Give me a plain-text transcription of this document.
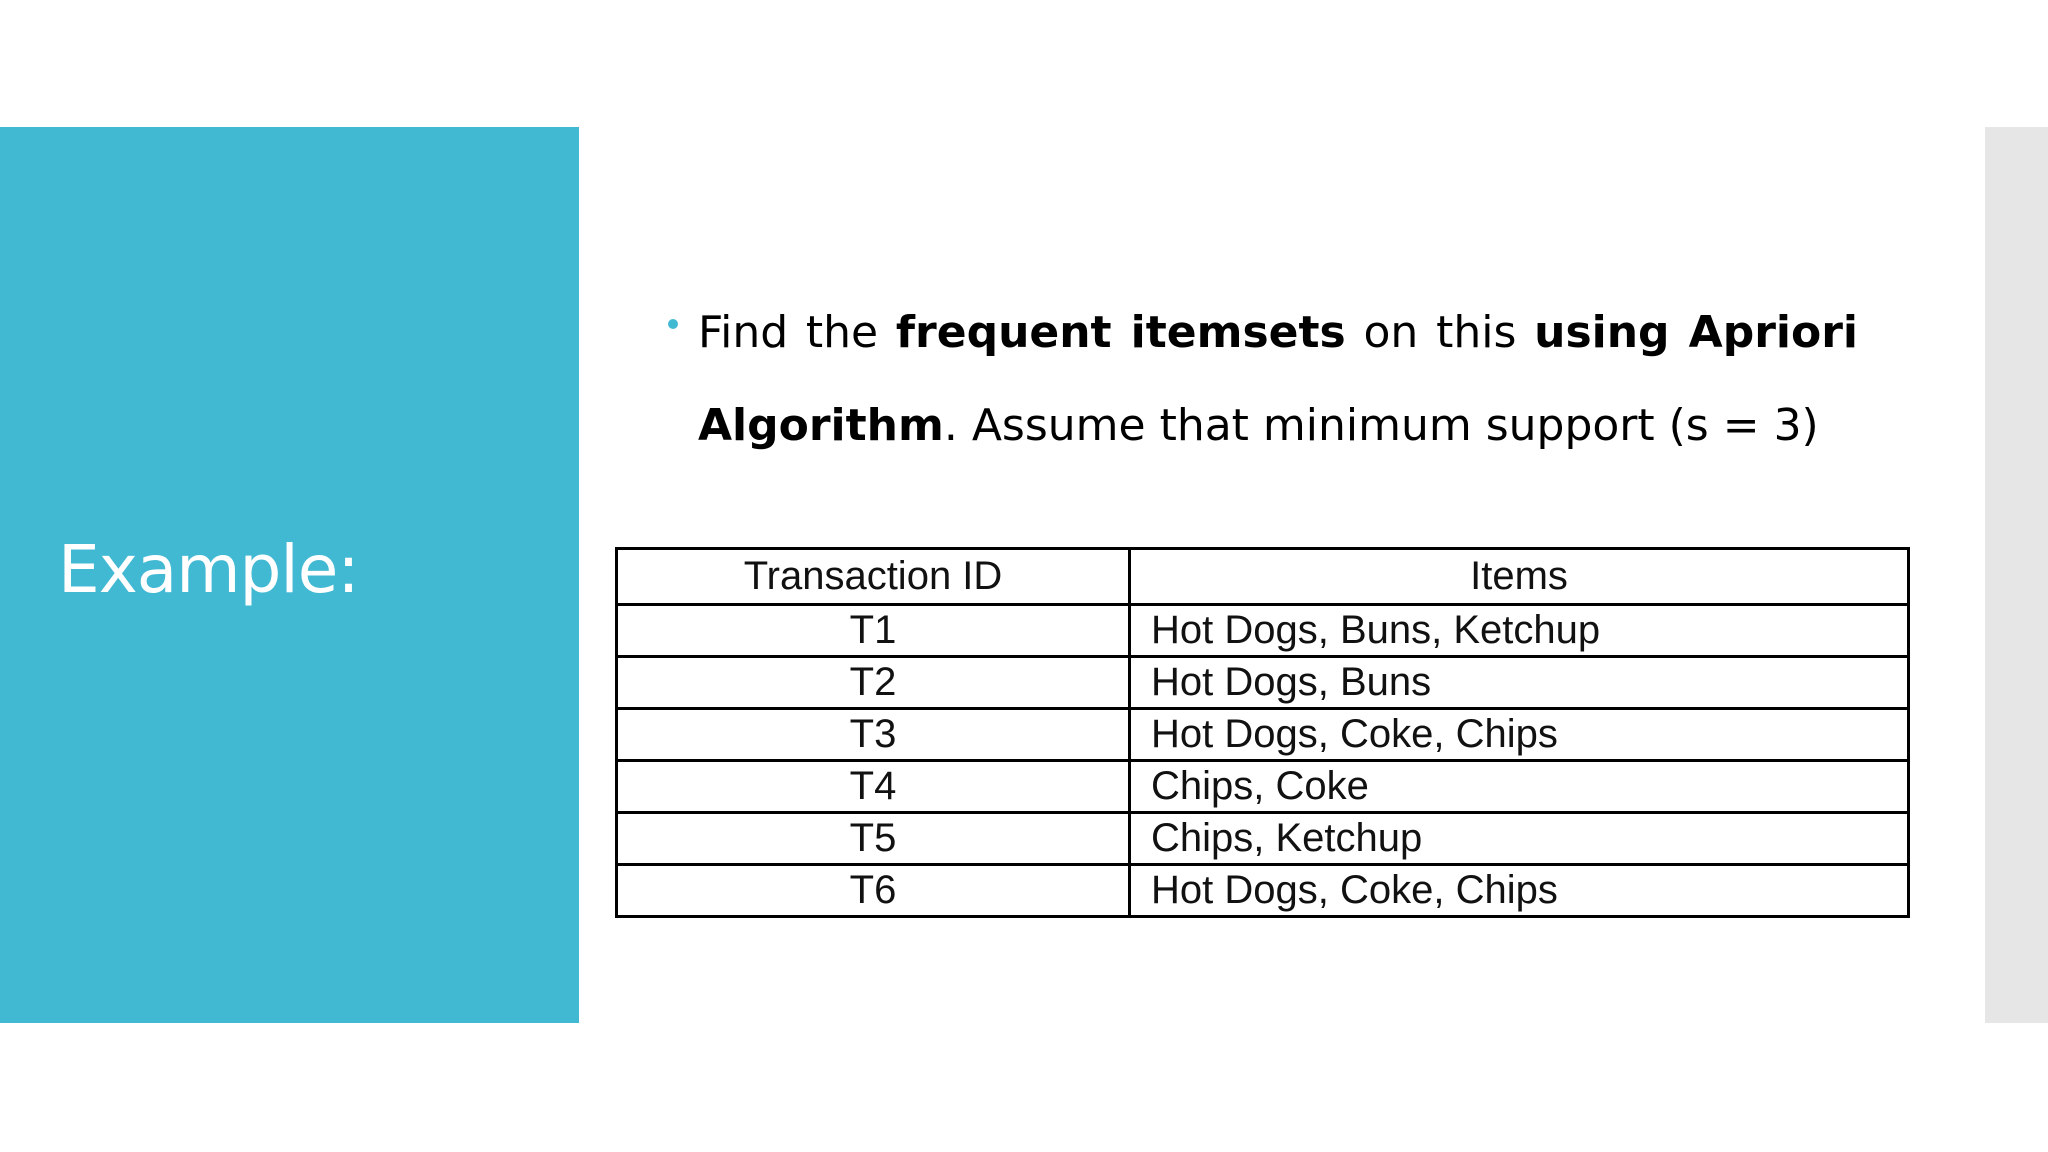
Example:
Find the frequent itemsets on this using Apriori Algorithm. Assume that minimum support (s = 3)
Transaction ID	Items
T1	Hot Dogs, Buns, Ketchup
T2	Hot Dogs, Buns
T3	Hot Dogs, Coke, Chips
T4	Chips, Coke
T5	Chips, Ketchup
T6	Hot Dogs, Coke, Chips
